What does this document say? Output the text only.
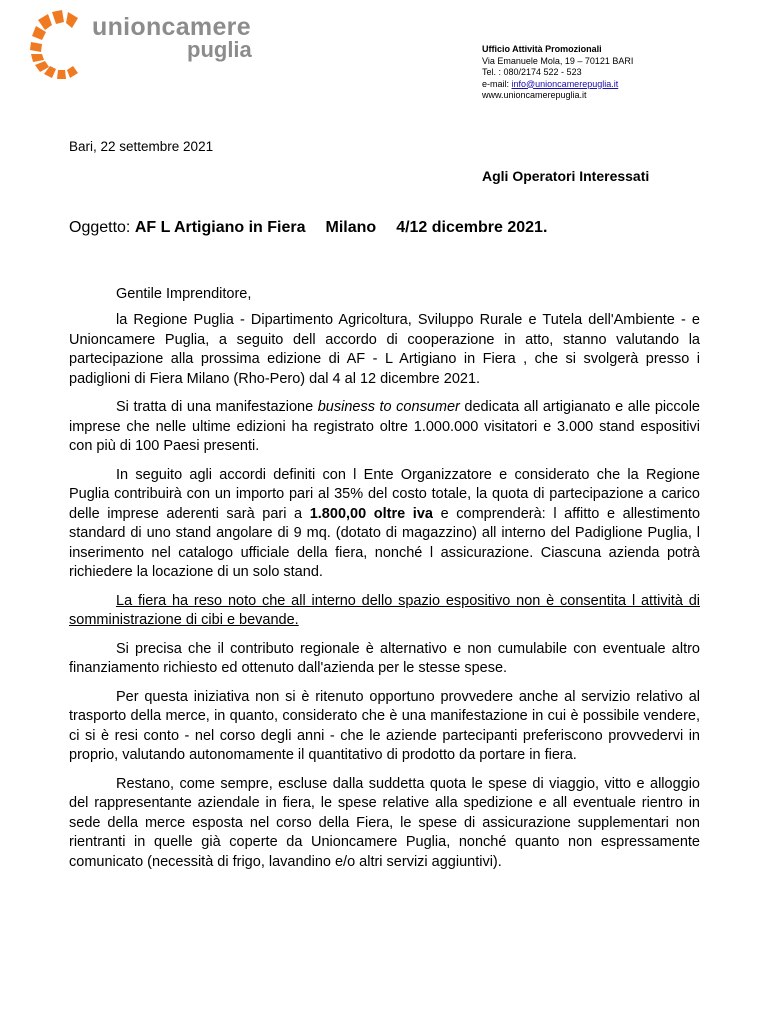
unioncamere
puglia	Ufficio Attività Promozionali
Via Emanuele Mola, 19 – 70121 BARI
Tel. : 080/2174 522 - 523
e-mail: info@unioncamerepuglia.it
www.unioncamerepuglia.it
Bari, 22 settembre 2021
Agli Operatori Interessati
Oggetto: AF L Artigiano in Fiera Milano 4/12 dicembre 2021.
Gentile Imprenditore,

la Regione Puglia - Dipartimento Agricoltura, Sviluppo Rurale e Tutela dell'Ambiente - e Unioncamere Puglia, a seguito dell accordo di cooperazione in atto, stanno valutando la partecipazione alla prossima edizione di AF - L Artigiano in Fiera , che si svolgerà presso i padiglioni di Fiera Milano (Rho-Pero) dal 4 al 12 dicembre 2021.

Si tratta di una manifestazione business to consumer dedicata all artigianato e alle piccole imprese che nelle ultime edizioni ha registrato oltre 1.000.000 visitatori e 3.000 stand espositivi con più di 100 Paesi presenti.

In seguito agli accordi definiti con l Ente Organizzatore e considerato che la Regione Puglia contribuirà con un importo pari al 35% del costo totale, la quota di partecipazione a carico delle imprese aderenti sarà pari a 1.800,00 oltre iva e comprenderà: l affitto e allestimento standard di uno stand angolare di 9 mq. (dotato di magazzino) all interno del Padiglione Puglia, l inserimento nel catalogo ufficiale della fiera, nonché l assicurazione. Ciascuna azienda potrà richiedere la locazione di un solo stand.

La fiera ha reso noto che all interno dello spazio espositivo non è consentita l attività di somministrazione di cibi e bevande.

Si precisa che il contributo regionale è alternativo e non cumulabile con eventuale altro finanziamento richiesto ed ottenuto dall'azienda per le stesse spese.

Per questa iniziativa non si è ritenuto opportuno provvedere anche al servizio relativo al trasporto della merce, in quanto, considerato che è una manifestazione in cui è possibile vendere, ci si è resi conto - nel corso degli anni - che le aziende partecipanti preferiscono provvedervi in proprio, valutando autonomamente il quantitativo di prodotto da portare in fiera.

Restano, come sempre, escluse dalla suddetta quota le spese di viaggio, vitto e alloggio del rappresentante aziendale in fiera, le spese relative alla spedizione e all eventuale rientro in sede della merce esposta nel corso della Fiera, le spese di assicurazione supplementari non rientranti in quelle già coperte da Unioncamere Puglia, nonché quanto non espressamente comunicato (necessità di frigo, lavandino e/o altri servizi aggiuntivi).
